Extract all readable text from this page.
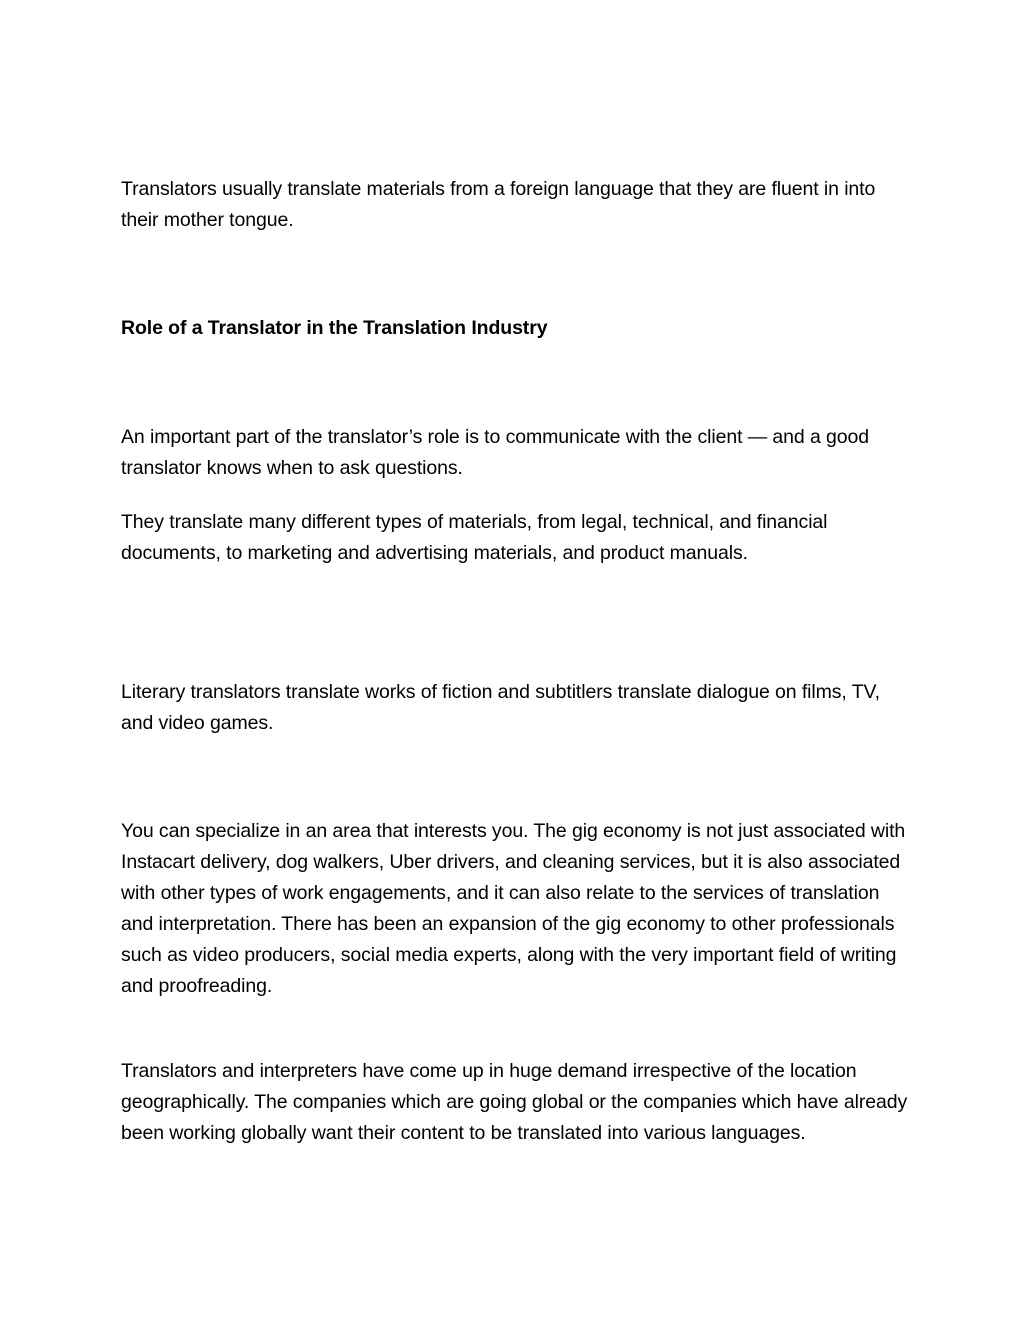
Translators usually translate materials from a foreign language that they are fluent in into their mother tongue.

Role of a Translator in the Translation Industry

An important part of the translator’s role is to communicate with the client — and a good translator knows when to ask questions.

They translate many different types of materials, from legal, technical, and financial documents, to marketing and advertising materials, and product manuals.

Literary translators translate works of fiction and subtitlers translate dialogue on films, TV, and video games.

You can specialize in an area that interests you. The gig economy is not just associated with Instacart delivery, dog walkers, Uber drivers, and cleaning services, but it is also associated with other types of work engagements, and it can also relate to the services of translation and interpretation. There has been an expansion of the gig economy to other professionals such as video producers, social media experts, along with the very important field of writing and proofreading.

Translators and interpreters have come up in huge demand irrespective of the location geographically. The companies which are going global or the companies which have already been working globally want their content to be translated into various languages.
